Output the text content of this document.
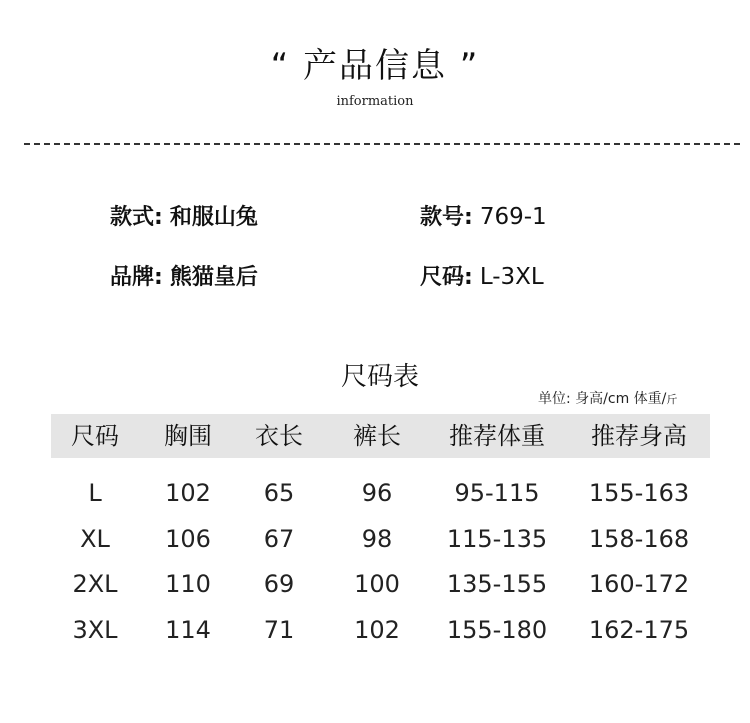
“ 产品信息 ”
information
款式: 和服山兔	款号: 769-1
品牌: 熊猫皇后	尺码: L-3XL
尺码表
单位: 身高/cm 体重/斤
尺码	胸围	衣长	裤长	推荐体重	推荐身高
L	102	65	96	95-115	155-163
XL	106	67	98	115-135	158-168
2XL	110	69	100	135-155	160-172
3XL	114	71	102	155-180	162-175
